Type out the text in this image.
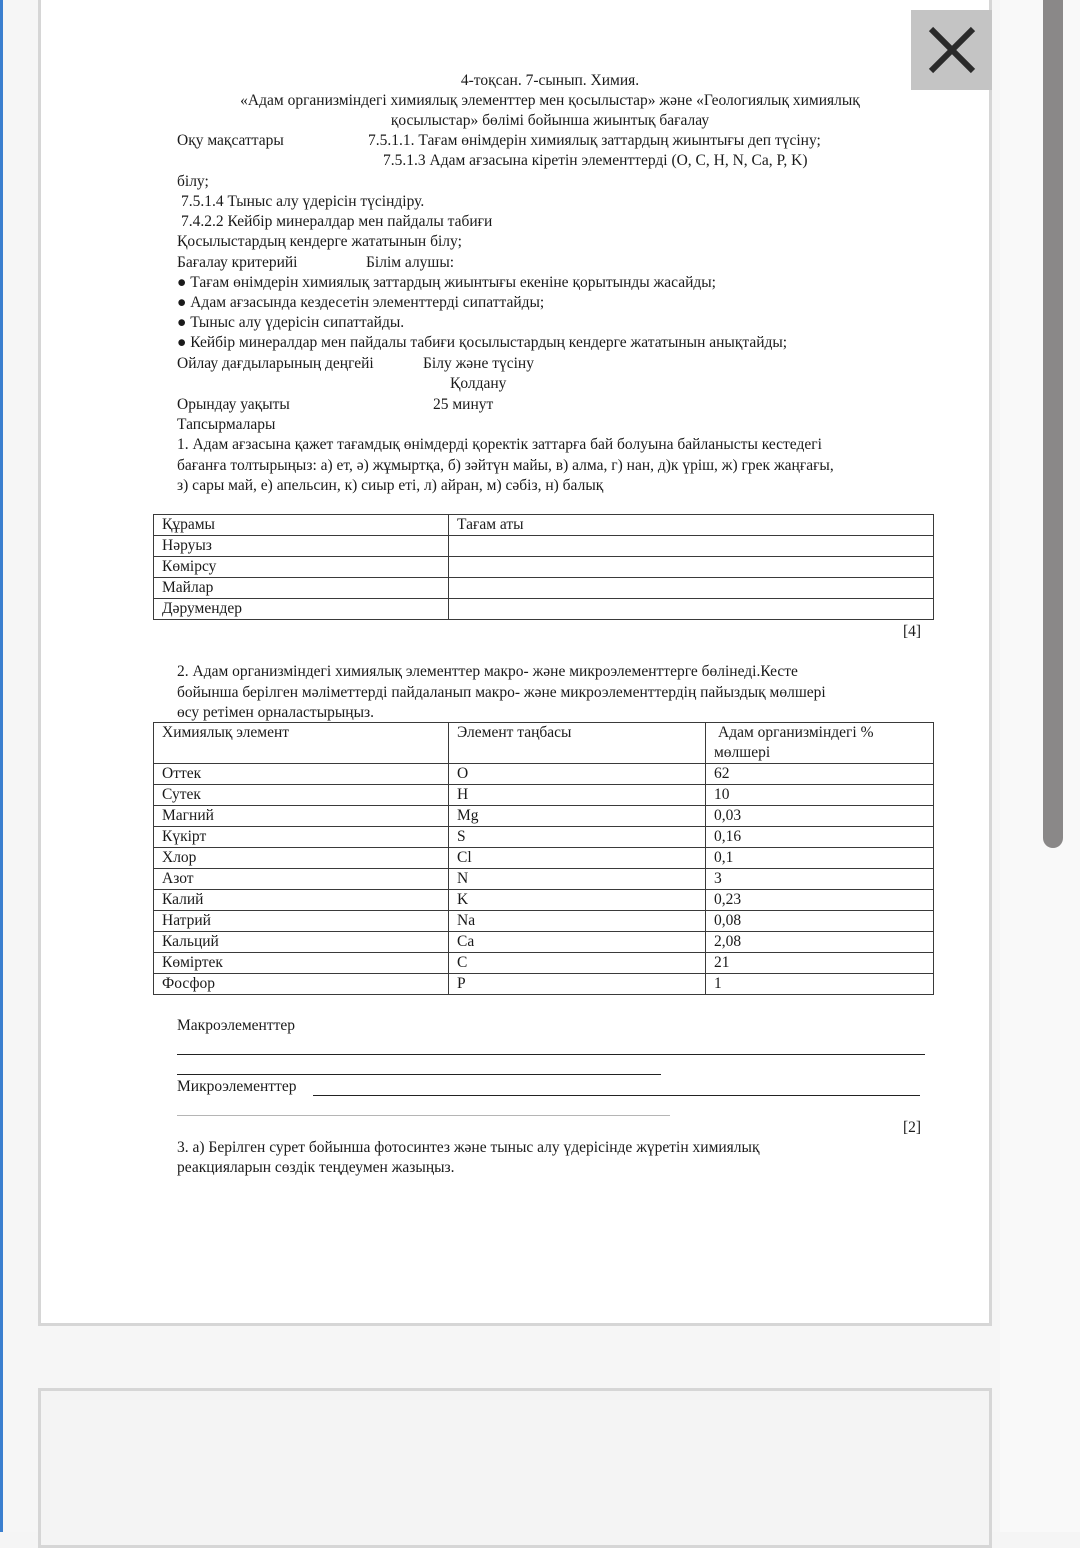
4-тоқсан. 7-сынып. Химия.
«Адам организміндегі химиялық элементтер мен қосылыстар» және «Геологиялық химиялық
қосылыстар» бөлімі бойынша жиынтық бағалау
Оқу мақсаттары	7.5.1.1. Тағам өнімдерін химиялық заттардың жиынтығы деп түсіну;
7.5.1.3 Адам ағзасына кіретін элементтерді (O, C, H, N, Ca, P, K)
білу;
7.5.1.4 Тыныс алу үдерісін түсіндіру.
7.4.2.2 Кейбір минералдар мен пайдалы табиғи
Қосылыстардың кендерге жататынын білу;
Бағалау критерийі	Білім алушы:
● Тағам өнімдерін химиялық заттардың жиынтығы екеніне қорытынды жасайды;
● Адам ағзасында кездесетін элементтерді сипаттайды;
● Тыныс алу үдерісін сипаттайды.
● Кейбір минералдар мен пайдалы табиғи қосылыстардың кендерге жататынын анықтайды;
Ойлау дағдыларының деңгейі	Білу және түсіну
Қолдану
Орындау уақыты	25 минут
Тапсырмалары
1. Адам ағзасына қажет тағамдық өнімдерді қоректік заттарға бай болуына байланысты кестедегі
бағанға толтырыңыз: а) ет, ә) жұмыртқа, б) зәйтүн майы, в) алма, г) нан, д)к үріш, ж) грек жаңғағы,
з) сары май, е) апельсин, к) сиыр еті, л) айран, м) сәбіз, н) балық
Құрамы	Тағам аты
Нәруыз	
Көмірсу	
Майлар	
Дәрумендер	
[4]
2. Адам организміндегі химиялық элементтер макро- және микроэлементтерге бөлінеді.Кесте
бойынша берілген мәліметтерді пайдаланып макро- және микроэлементтердің пайыздық мөлшері
өсу ретімен орналастырыңыз.
Химиялық элемент	Элемент таңбасы	Адам организміндегі %
мөлшері

Оттек	O	62
Сутек	H	10
Магний	Mg	0,03
Күкірт	S	0,16
Хлор	Cl	0,1
Азот	N	3
Калий	K	0,23
Натрий	Na	0,08
Кальций	Ca	2,08
Көміртек	C	21
Фосфор	P	1
Макроэлементтер
Микроэлементтер
[2]
3. а) Берілген сурет бойынша фотосинтез және тыныс алу үдерісінде жүретін химиялық
реакцияларын сөздік теңдеумен жазыңыз.
